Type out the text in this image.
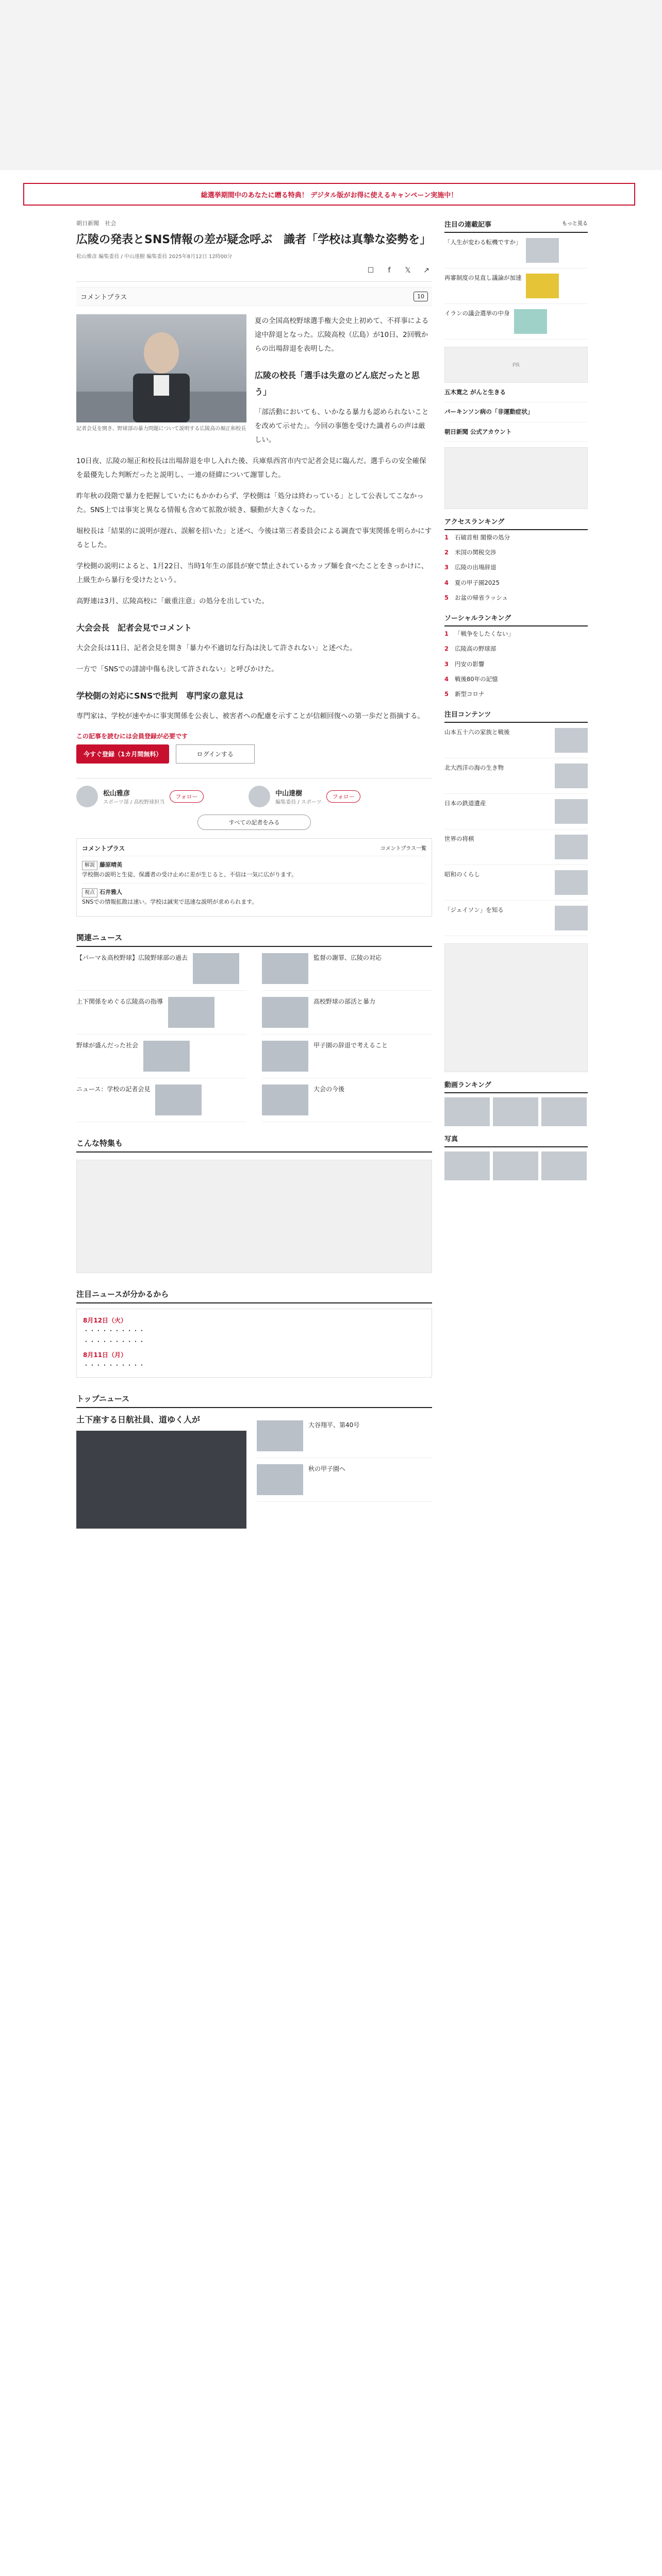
総選挙期間中のあなたに贈る特典！ デジタル版がお得に使えるキャンペーン実施中！
朝日新聞 社会
広陵の発表とSNS情報の差が疑念呼ぶ　識者「学校は真摯な姿勢を」
松山雅彦 編集委員 / 中山達樹 編集委員 2025年8月12日 12時00分
☐	f	𝕏	↗
コメントプラス	10
記者会見を開き、野球部の暴力問題について説明する広陵高の堀正和校長

夏の全国高校野球選手権大会史上初めて、不祥事による途中辞退となった。広陵高校（広島）が10日、2回戦からの出場辞退を表明した。

広陵の校長「選手は失意のどん底だったと思う」

「部活動においても、いかなる暴力も認められないことを改めて示せた」。今回の事態を受けた識者らの声は厳しい。

10日夜、広陵の堀正和校長は出場辞退を申し入れた後、兵庫県西宮市内で記者会見に臨んだ。選手らの安全確保を最優先した判断だったと説明し、一連の経緯について謝罪した。

昨年秋の段階で暴力を把握していたにもかかわらず、学校側は「処分は終わっている」として公表してこなかった。SNS上では事実と異なる情報も含めて拡散が続き、騒動が大きくなった。

堀校長は「結果的に説明が遅れ、誤解を招いた」と述べ、今後は第三者委員会による調査で事実関係を明らかにするとした。

学校側の説明によると、1月22日、当時1年生の部員が寮で禁止されているカップ麺を食べたことをきっかけに、上級生から暴行を受けたという。

高野連は3月、広陵高校に「厳重注意」の処分を出していた。

大会会長　記者会見でコメント

大会会長は11日、記者会見を開き「暴力や不適切な行為は決して許されない」と述べた。

一方で「SNSでの誹謗中傷も決して許されない」と呼びかけた。

学校側の対応にSNSで批判　専門家の意見は

専門家は、学校が速やかに事実関係を公表し、被害者への配慮を示すことが信頼回復への第一歩だと指摘する。

この記事を読むには会員登録が必要です
今すぐ登録（1カ月間無料）	ログインする
松山雅彦
スポーツ部 / 高校野球担当
フォロー
	中山達樹
編集委員 / スポーツ
フォロー
すべての記者をみる
コメントプラス	コメントプラス一覧
解説 藤原晴美
学校側の説明と生徒、保護者の受け止めに差が生じると、不信は一気に広がります。
視点 石井雅人
SNSでの情報拡散は速い。学校は誠実で迅速な説明が求められます。
関連ニュース
【パーマ＆高校野球】広陵野球部の過去	監督の謝罪、広陵の対応
上下関係をめぐる広陵高の指導	高校野球の部活と暴力
野球が盛んだった社会	甲子園の辞退で考えること
ニュース：学校の記者会見	大会の今後
こんな特集も
注目ニュースが分かるから
8月12日（火）
・・・・・・・・・・
・・・・・・・・・・
8月11日（月）
・・・・・・・・・・
トップニュース
土下座する日航社員、道ゆく人が
大谷翔平、第40号
秋の甲子園へ
注目の連載記事	もっと見る
「人生が変わる転機ですか」
再審制度の見直し議論が加速
イランの議会選挙の中身
PR
五木寛之 がんと生きる
パーキンソン病の「非運動症状」
朝日新聞 公式アカウント
アクセスランキング
1	石破首相 閣僚の処分
2	米国の関税交渉
3	広陵の出場辞退
4	夏の甲子園2025
5	お盆の帰省ラッシュ
ソーシャルランキング
1	「戦争をしたくない」
2	広陵高の野球部
3	円安の影響
4	戦後80年の記憶
5	新型コロナ
注目コンテンツ
山本五十六の家族と戦後
北大西洋の海の生き物
日本の鉄道遺産
世界の将棋
昭和のくらし
「ジェイソン」を知る
動画ランキング
写真
